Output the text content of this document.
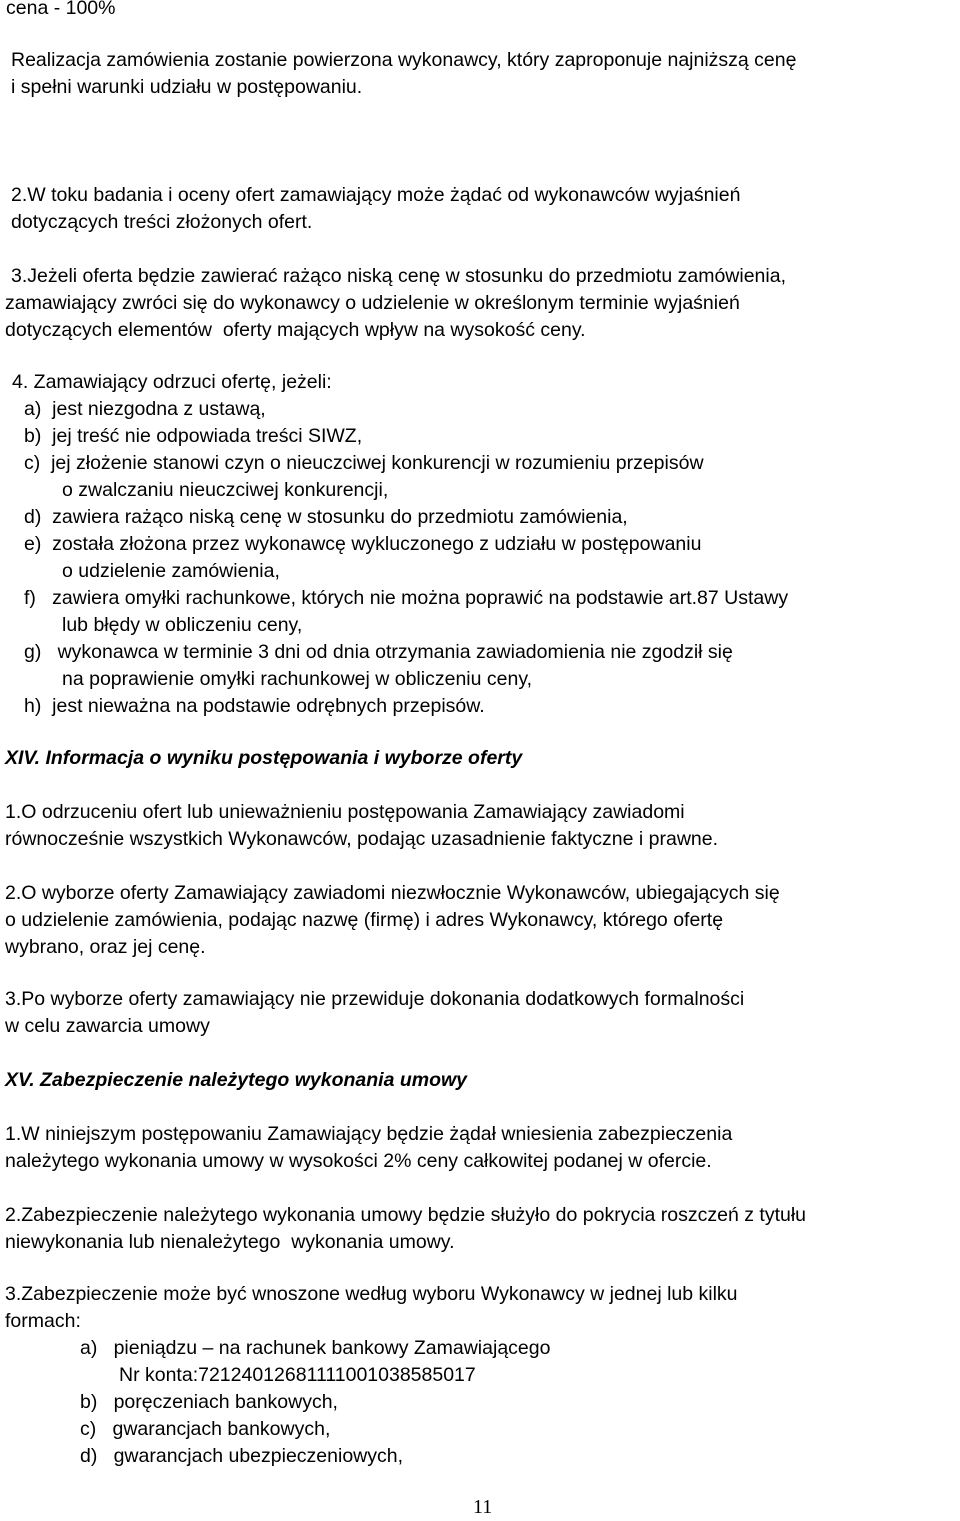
cena - 100%
Realizacja zamówienia zostanie powierzona wykonawcy, który zaproponuje najniższą cenę
i spełni warunki udziału w postępowaniu.
2.W toku badania i oceny ofert zamawiający może żądać od wykonawców wyjaśnień
dotyczących treści złożonych ofert.
3.Jeżeli oferta będzie zawierać rażąco niską cenę w stosunku do przedmiotu zamówienia,
zamawiający zwróci się do wykonawcy o udzielenie w określonym terminie wyjaśnień
dotyczących elementów  oferty mających wpływ na wysokość ceny.
4. Zamawiający odrzuci ofertę, jeżeli:
a)  jest niezgodna z ustawą,
b)  jej treść nie odpowiada treści SIWZ,
c)  jej złożenie stanowi czyn o nieuczciwej konkurencji w rozumieniu przepisów
o zwalczaniu nieuczciwej konkurencji,
d)  zawiera rażąco niską cenę w stosunku do przedmiotu zamówienia,
e)  została złożona przez wykonawcę wykluczonego z udziału w postępowaniu
o udzielenie zamówienia,
f)   zawiera omyłki rachunkowe, których nie można poprawić na podstawie art.87 Ustawy
lub błędy w obliczeniu ceny,
g)   wykonawca w terminie 3 dni od dnia otrzymania zawiadomienia nie zgodził się
na poprawienie omyłki rachunkowej w obliczeniu ceny,
h)  jest nieważna na podstawie odrębnych przepisów.
XIV. Informacja o wyniku postępowania i wyborze oferty
1.O odrzuceniu ofert lub unieważnieniu postępowania Zamawiający zawiadomi
równocześnie wszystkich Wykonawców, podając uzasadnienie faktyczne i prawne.
2.O wyborze oferty Zamawiający zawiadomi niezwłocznie Wykonawców, ubiegających się
o udzielenie zamówienia, podając nazwę (firmę) i adres Wykonawcy, którego ofertę
wybrano, oraz jej cenę.
3.Po wyborze oferty zamawiający nie przewiduje dokonania dodatkowych formalności
w celu zawarcia umowy
XV. Zabezpieczenie należytego wykonania umowy
1.W niniejszym postępowaniu Zamawiający będzie żądał wniesienia zabezpieczenia
należytego wykonania umowy w wysokości 2% ceny całkowitej podanej w ofercie.
2.Zabezpieczenie należytego wykonania umowy będzie służyło do pokrycia roszczeń z tytułu
niewykonania lub nienależytego  wykonania umowy.
3.Zabezpieczenie może być wnoszone według wyboru Wykonawcy w jednej lub kilku
formach:
a)   pieniądzu – na rachunek bankowy Zamawiającego
Nr konta:72124012681111001038585017
b)   poręczeniach bankowych,
c)   gwarancjach bankowych,
d)   gwarancjach ubezpieczeniowych,
11
